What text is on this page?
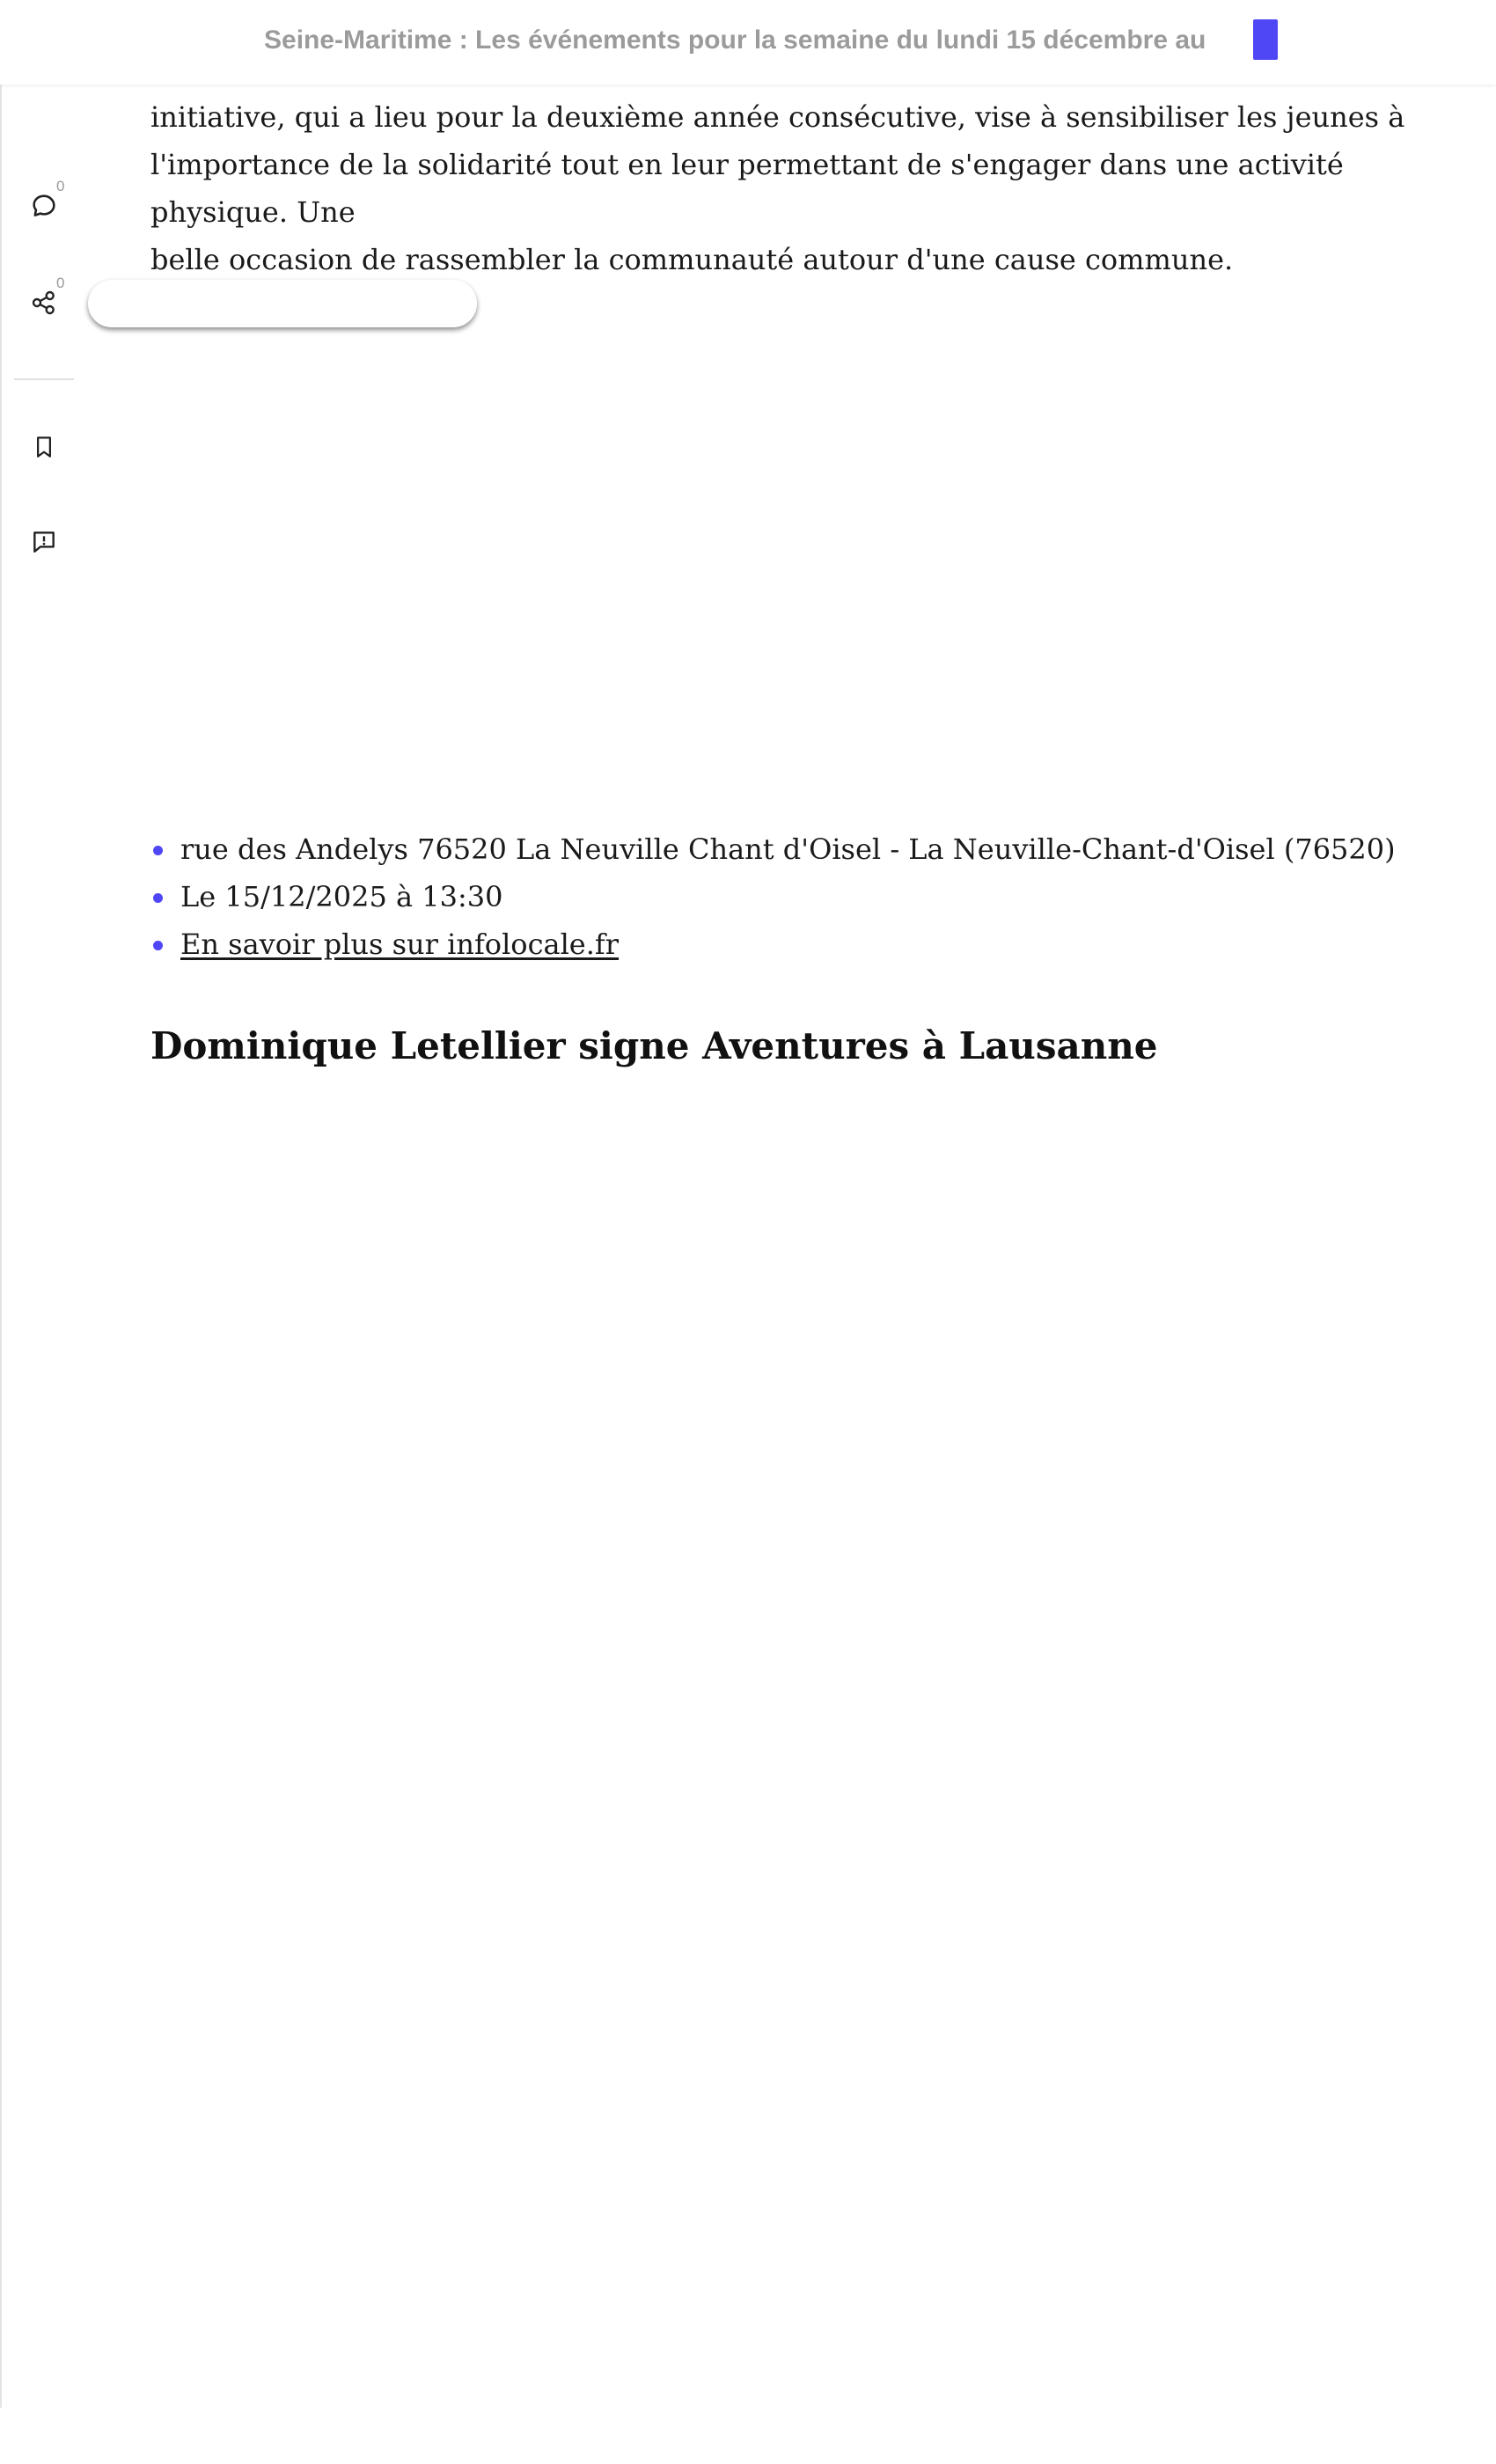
Seine-Maritime : Les événements pour la semaine du lundi 15 décembre au
0
0

initiative, qui a lieu pour la deuxième année consécutive, vise à sensibiliser les jeunes à

l'importance de la solidarité tout en leur permettant de s'engager dans une activité physique. Une

belle occasion de rassembler la communauté autour d'une cause commune.

rue des Andelys 76520 La Neuville Chant d'Oisel - La Neuville-Chant-d'Oisel (76520)
Le 15/12/2025 à 13:30
En savoir plus sur infolocale.fr
Dominique Letellier signe Aventures à Lausanne
